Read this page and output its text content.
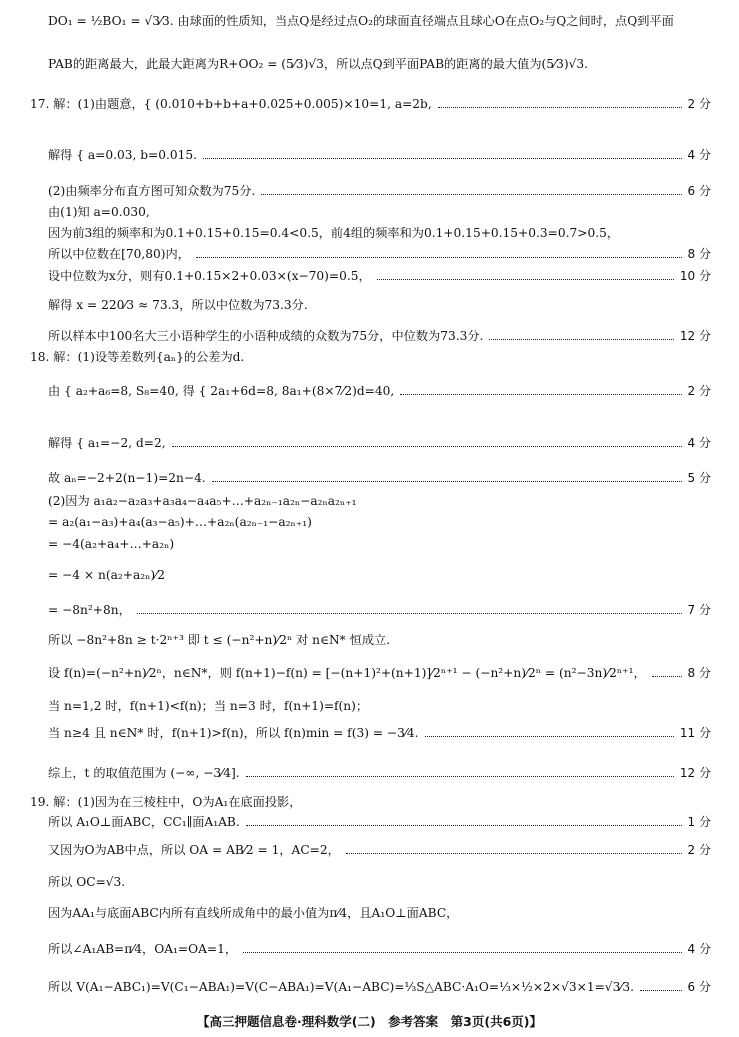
DO₁ = ½BO₁ = √3⁄3. 由球面的性质知，当点Q是经过点O₂的球面直径端点且球心O在点O₂与Q之间时，点Q到平面
PAB的距离最大，此最大距离为R+OO₂ = (5⁄3)√3，所以点Q到平面PAB的距离的最大值为(5⁄3)√3.
17. 解：(1)由题意，{ (0.010+b+b+a+0.025+0.005)×10=1, a=2b,	2 分
解得 { a=0.03, b=0.015.	4 分
(2)由频率分布直方图可知众数为75分.	6 分
由(1)知 a=0.030,
因为前3组的频率和为0.1+0.15+0.15=0.4<0.5，前4组的频率和为0.1+0.15+0.15+0.3=0.7>0.5，
所以中位数在[70,80)内，	8 分
设中位数为x分，则有0.1+0.15×2+0.03×(x−70)=0.5，	10 分
解得 x = 220⁄3 ≈ 73.3，所以中位数为73.3分.
所以样本中100名大三小语种学生的小语种成绩的众数为75分，中位数为73.3分.	12 分
18. 解：(1)设等差数列{aₙ}的公差为d.
由 { a₂+a₆=8, S₈=40, 得 { 2a₁+6d=8, 8a₁+(8×7⁄2)d=40,	2 分
解得 { a₁=−2, d=2,	4 分
故 aₙ=−2+2(n−1)=2n−4.	5 分
(2)因为 a₁a₂−a₂a₃+a₃a₄−a₄a₅+…+a₂ₙ₋₁a₂ₙ−a₂ₙa₂ₙ₊₁
= a₂(a₁−a₃)+a₄(a₃−a₅)+…+a₂ₙ(a₂ₙ₋₁−a₂ₙ₊₁)
= −4(a₂+a₄+…+a₂ₙ)
= −4 × n(a₂+a₂ₙ)⁄2
= −8n²+8n，	7 分
所以 −8n²+8n ≥ t·2ⁿ⁺³ 即 t ≤ (−n²+n)⁄2ⁿ 对 n∈N* 恒成立.
设 f(n)=(−n²+n)⁄2ⁿ，n∈N*，则 f(n+1)−f(n) = [−(n+1)²+(n+1)]⁄2ⁿ⁺¹ − (−n²+n)⁄2ⁿ = (n²−3n)⁄2ⁿ⁺¹，	8 分
当 n=1,2 时，f(n+1)<f(n)；当 n=3 时，f(n+1)=f(n)；
当 n≥4 且 n∈N* 时，f(n+1)>f(n)，所以 f(n)min = f(3) = −3⁄4.	11 分
综上，t 的取值范围为 (−∞, −3⁄4].	12 分
19. 解：(1)因为在三棱柱中，O为A₁在底面投影，
所以 A₁O⊥面ABC，CC₁∥面A₁AB.	1 分
又因为O为AB中点，所以 OA = AB⁄2 = 1，AC=2，	2 分
所以 OC=√3.
因为AA₁与底面ABC内所有直线所成角中的最小值为π⁄4，且A₁O⊥面ABC，
所以∠A₁AB=π⁄4，OA₁=OA=1，	4 分
所以 V(A₁−ABC₁)=V(C₁−ABA₁)=V(C−ABA₁)=V(A₁−ABC)=⅓S△ABC·A₁O=⅓×½×2×√3×1=√3⁄3.	6 分
【高三押题信息卷·理科数学(二)　参考答案　第3页(共6页)】
